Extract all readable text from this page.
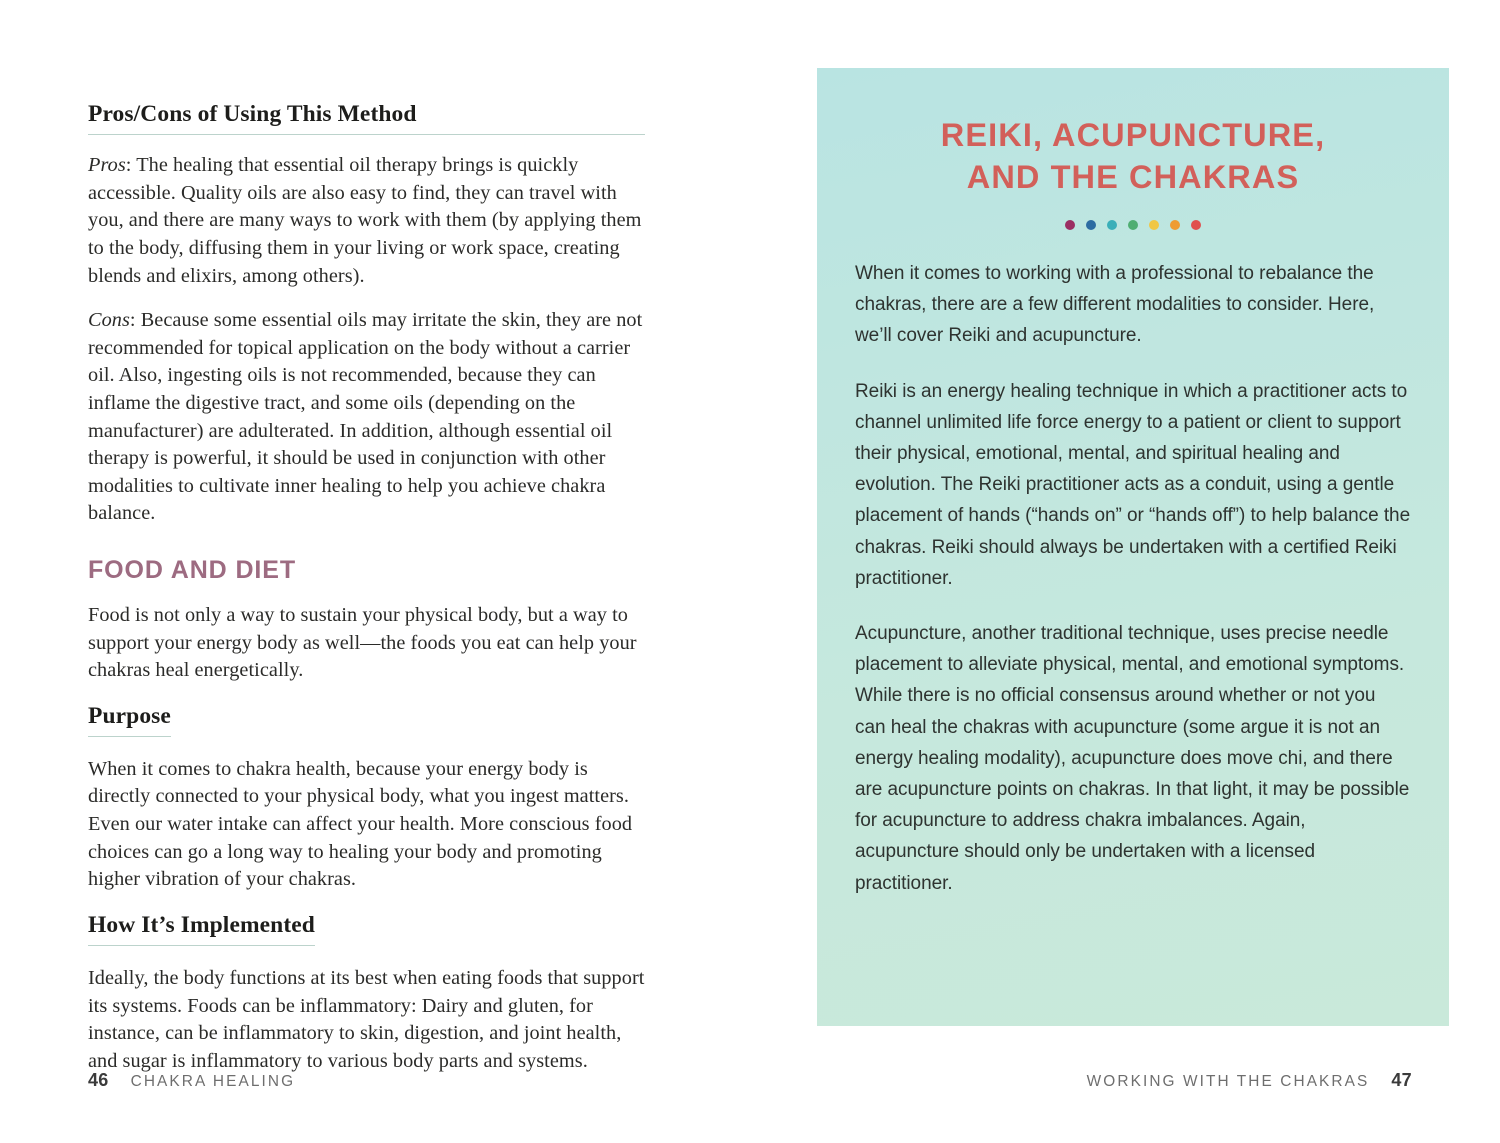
Pros/Cons of Using This Method

Pros: The healing that essential oil therapy brings is quickly accessible. Quality oils are also easy to find, they can travel with you, and there are many ways to work with them (by applying them to the body, diffusing them in your living or work space, creating blends and elixirs, among others).

Cons: Because some essential oils may irritate the skin, they are not recommended for topical application on the body without a carrier oil. Also, ingesting oils is not recommended, because they can inflame the digestive tract, and some oils (depending on the manufacturer) are adulterated. In addition, although essential oil therapy is powerful, it should be used in conjunction with other modalities to cultivate inner healing to help you achieve chakra balance.

FOOD AND DIET

Food is not only a way to sustain your physical body, but a way to support your energy body as well—the foods you eat can help your chakras heal energetically.

Purpose

When it comes to chakra health, because your energy body is directly connected to your physical body, what you ingest matters. Even our water intake can affect your health. More conscious food choices can go a long way to healing your body and promoting higher vibration of your chakras.

How It’s Implemented

Ideally, the body functions at its best when eating foods that support its systems. Foods can be inflammatory: Dairy and gluten, for instance, can be inflammatory to skin, digestion, and joint health, and sugar is inflammatory to various body parts and systems.

46 CHAKRA HEALING
REIKI, ACUPUNCTURE,
AND THE CHAKRAS

When it comes to working with a professional to rebalance the chakras, there are a few different modalities to consider. Here, we’ll cover Reiki and acupuncture.

Reiki is an energy healing technique in which a practitioner acts to channel unlimited life force energy to a patient or client to support their physical, emotional, mental, and spiritual healing and evolution. The Reiki practitioner acts as a conduit, using a gentle placement of hands (“hands on” or “hands off”) to help balance the chakras. Reiki should always be undertaken with a certified Reiki practitioner.

Acupuncture, another traditional technique, uses precise needle placement to alleviate physical, mental, and emotional symptoms. While there is no official consensus around whether or not you can heal the chakras with acupuncture (some argue it is not an energy healing modality), acupuncture does move chi, and there are acupuncture points on chakras. In that light, it may be possible for acupuncture to address chakra imbalances. Again, acupuncture should only be undertaken with a licensed practitioner.

WORKING WITH THE CHAKRAS 47
